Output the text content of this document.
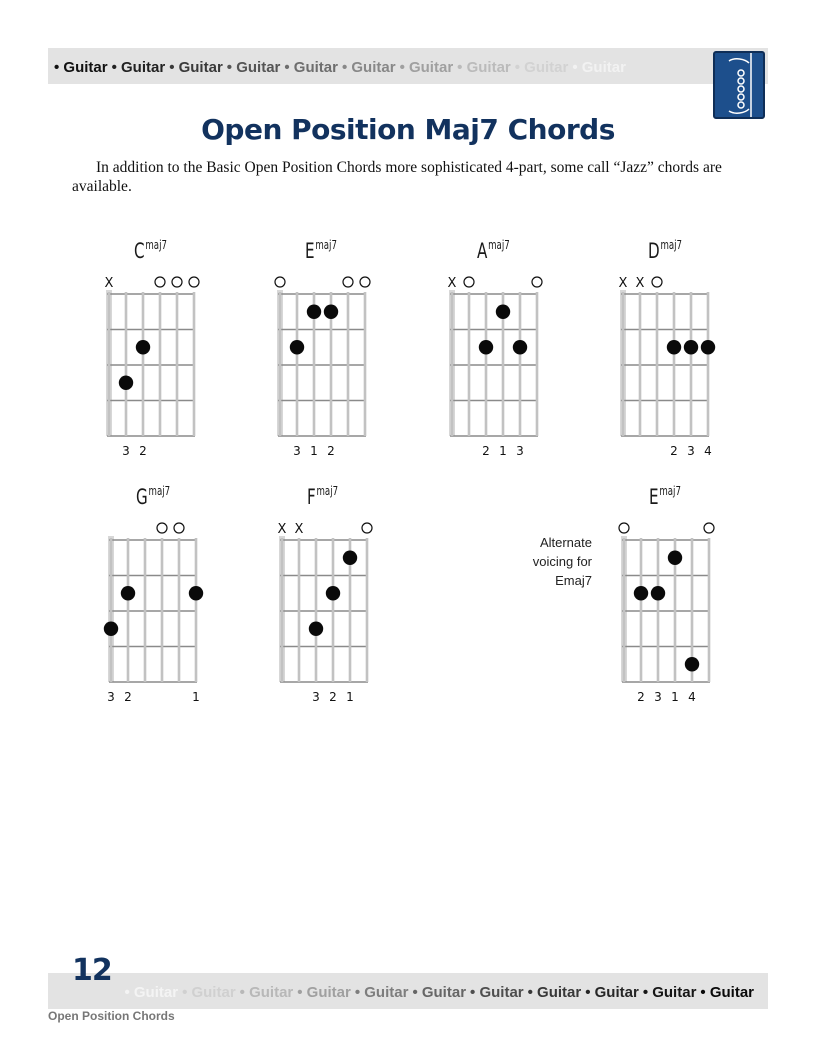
• Guitar • Guitar • Guitar • Guitar • Guitar • Guitar • Guitar • Guitar • Guitar • Guitar
Open Position Maj7 Chords

In addition to the Basic Open Position Chords more sophisticated 4-part, some call “Jazz” chords are available.

$C^{maj7}$
X
3 2
$E^{maj7}$
3 1 2
$A^{maj7}$
X
2 1 3
$D^{maj7}$
X X
2 3 4
$G^{maj7}$
3 2	1
$F^{maj7}$
X X
3 2 1
$E^{maj7}$
2 3 1 4
Alternate voicing for Emaj7
• Guitar • Guitar • Guitar • Guitar • Guitar • Guitar • Guitar • Guitar • Guitar • Guitar • Guitar
12
Open Position Chords
